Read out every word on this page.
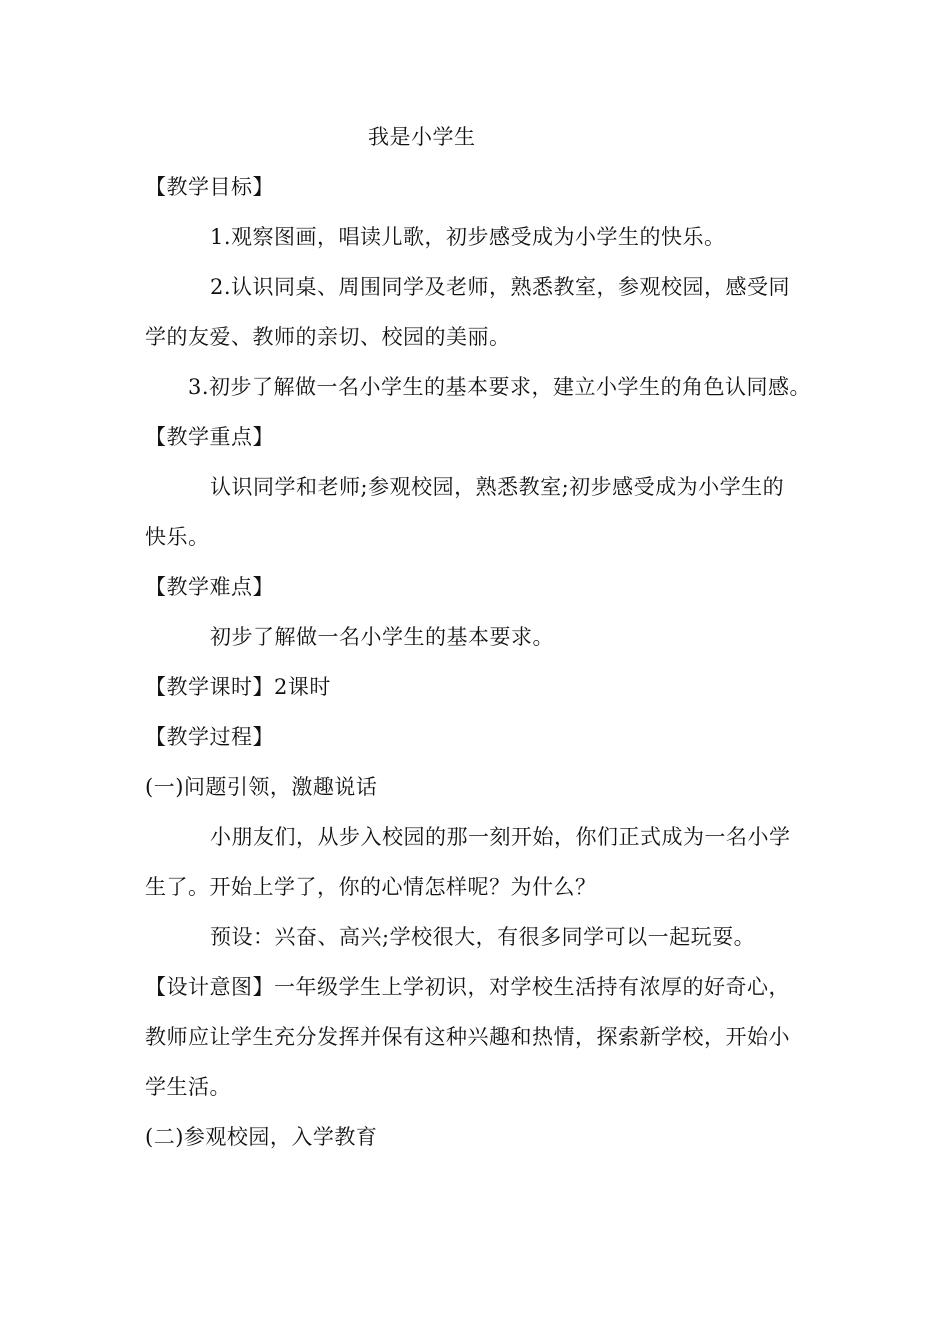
我是小学生
【教学目标】
1.观察图画，唱读儿歌，初步感受成为小学生的快乐。
2.认识同桌、周围同学及老师，熟悉教室，参观校园，感受同
学的友爱、教师的亲切、校园的美丽。
3.初步了解做一名小学生的基本要求，建立小学生的角色认同感。
【教学重点】
认识同学和老师;参观校园，熟悉教室;初步感受成为小学生的
快乐。
【教学难点】
初步了解做一名小学生的基本要求。
【教学课时】2课时
【教学过程】
(一)问题引领，激趣说话
小朋友们，从步入校园的那一刻开始，你们正式成为一名小学
生了。开始上学了，你的心情怎样呢？为什么？
预设：兴奋、高兴;学校很大，有很多同学可以一起玩耍。
【设计意图】一年级学生上学初识，对学校生活持有浓厚的好奇心，
教师应让学生充分发挥并保有这种兴趣和热情，探索新学校，开始小
学生活。
(二)参观校园，入学教育
